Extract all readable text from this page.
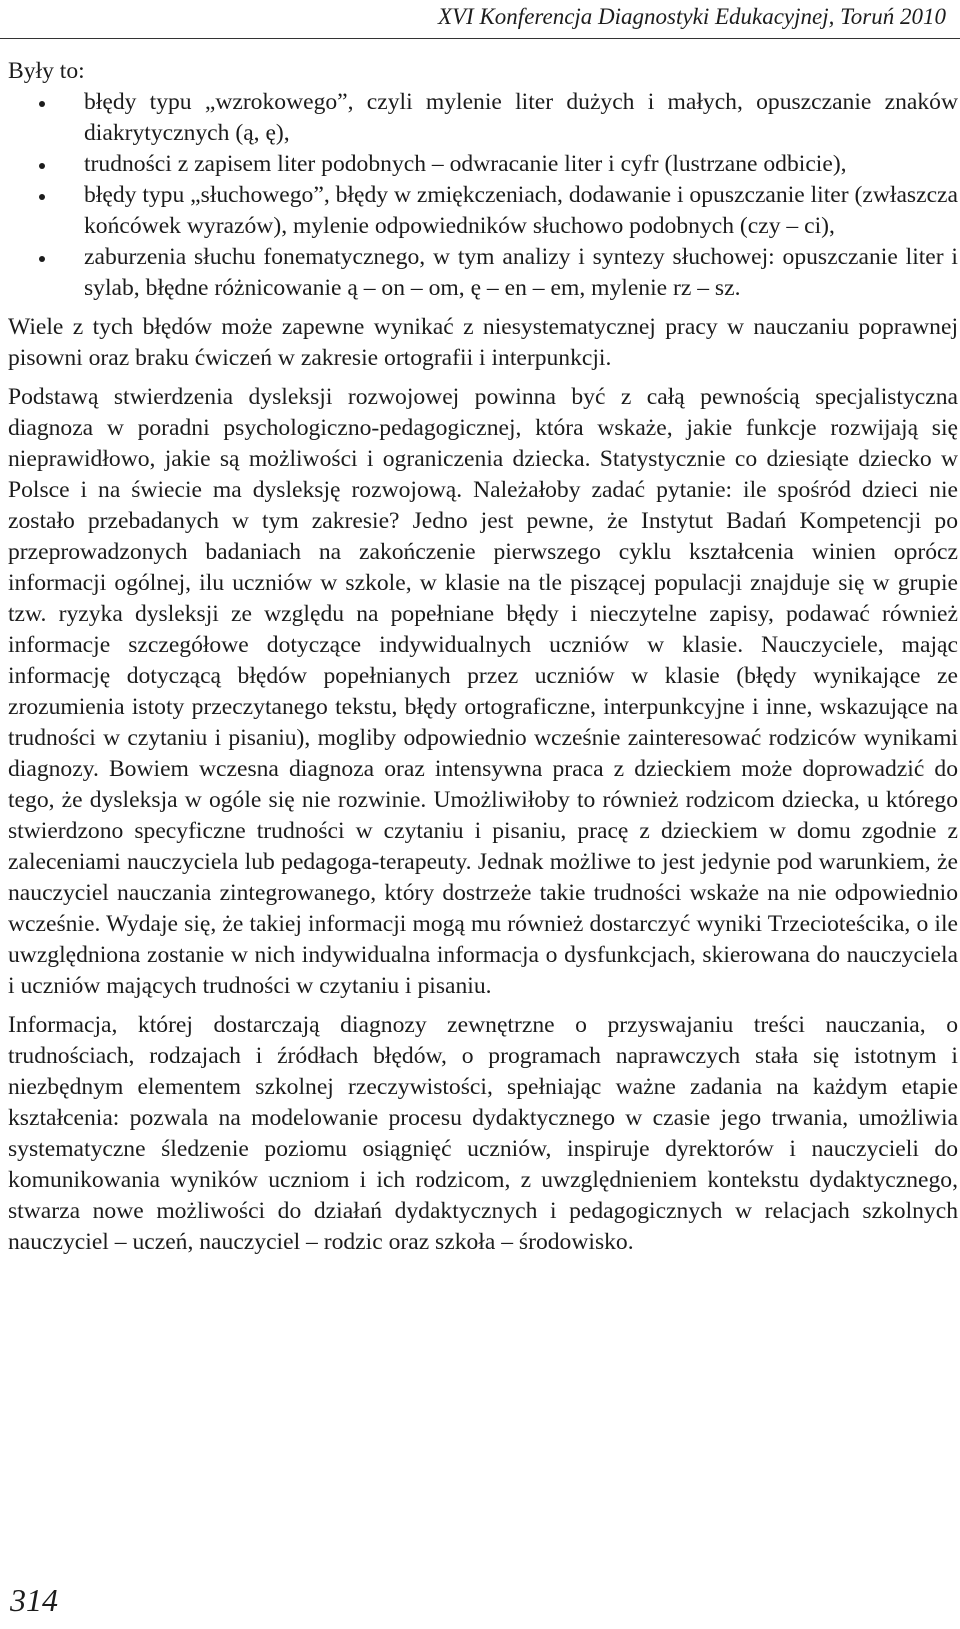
XVI Konferencja Diagnostyki Edukacyjnej, Toruń 2010

Były to:

błędy typu „wzrokowego”, czyli mylenie liter dużych i małych, opuszczanie znaków diakrytycznych (ą, ę),
trudności z zapisem liter podobnych – odwracanie liter i cyfr (lustrzane odbicie),
błędy typu „słuchowego”, błędy w zmiękczeniach, dodawanie i opuszczanie liter (zwłaszcza końcówek wyrazów), mylenie odpowiedników słuchowo podobnych (czy – ci),
zaburzenia słuchu fonematycznego, w tym analizy i syntezy słuchowej: opuszczanie liter i sylab, błędne różnicowanie ą – on – om, ę – en – em, mylenie rz – sz.

Wiele z tych błędów może zapewne wynikać z niesystematycznej pracy w nauczaniu poprawnej pisowni oraz braku ćwiczeń w zakresie ortografii i interpunkcji.

Podstawą stwierdzenia dysleksji rozwojowej powinna być z całą pewnością specjalistyczna diagnoza w poradni psychologiczno-pedagogicznej, która wskaże, jakie funkcje rozwijają się nieprawidłowo, jakie są możliwości i ograniczenia dziecka. Statystycznie co dziesiąte dziecko w Polsce i na świecie ma dysleksję rozwojową. Należałoby zadać pytanie: ile spośród dzieci nie zostało przebadanych w tym zakresie? Jedno jest pewne, że Instytut Badań Kompetencji po przeprowadzonych badaniach na zakończenie pierwszego cyklu kształcenia winien oprócz informacji ogólnej, ilu uczniów w szkole, w klasie na tle piszącej populacji znajduje się w grupie tzw. ryzyka dysleksji ze względu na popełniane błędy i nieczytelne zapisy, podawać również informacje szczegółowe dotyczące indywidualnych uczniów w klasie. Nauczyciele, mając informację dotyczącą błędów popełnianych przez uczniów w klasie (błędy wynikające ze zrozumienia istoty przeczytanego tekstu, błędy ortograficzne, interpunkcyjne i inne, wskazujące na trudności w czytaniu i pisaniu), mogliby odpowiednio wcześnie zainteresować rodziców wynikami diagnozy. Bowiem wczesna diagnoza oraz intensywna praca z dzieckiem może doprowadzić do tego, że dysleksja w ogóle się nie rozwinie. Umożliwiłoby to również rodzicom dziecka, u którego stwierdzono specyficzne trudności w czytaniu i pisaniu, pracę z dzieckiem w domu zgodnie z zaleceniami nauczyciela lub pedagoga-terapeuty. Jednak możliwe to jest jedynie pod warunkiem, że nauczyciel nauczania zintegrowanego, który dostrzeże takie trudności wskaże na nie odpowiednio wcześnie. Wydaje się, że takiej informacji mogą mu również dostarczyć wyniki Trzecioteścika, o ile uwzględniona zostanie w nich indywidualna informacja o dysfunkcjach, skierowana do nauczyciela i uczniów mających trudności w czytaniu i pisaniu.

Informacja, której dostarczają diagnozy zewnętrzne o przyswajaniu treści nauczania, o trudnościach, rodzajach i źródłach błędów, o programach naprawczych stała się istotnym i niezbędnym elementem szkolnej rzeczywistości, spełniając ważne zadania na każdym etapie kształcenia: pozwala na modelowanie procesu dydaktycznego w czasie jego trwania, umożliwia systematyczne śledzenie poziomu osiągnięć uczniów, inspiruje dyrektorów i nauczycieli do komunikowania wyników uczniom i ich rodzicom, z uwzględnieniem kontekstu dydaktycznego, stwarza nowe możliwości do działań dydaktycznych i pedagogicznych w relacjach szkolnych nauczyciel – uczeń, nauczyciel – rodzic oraz szkoła – środowisko.

314
